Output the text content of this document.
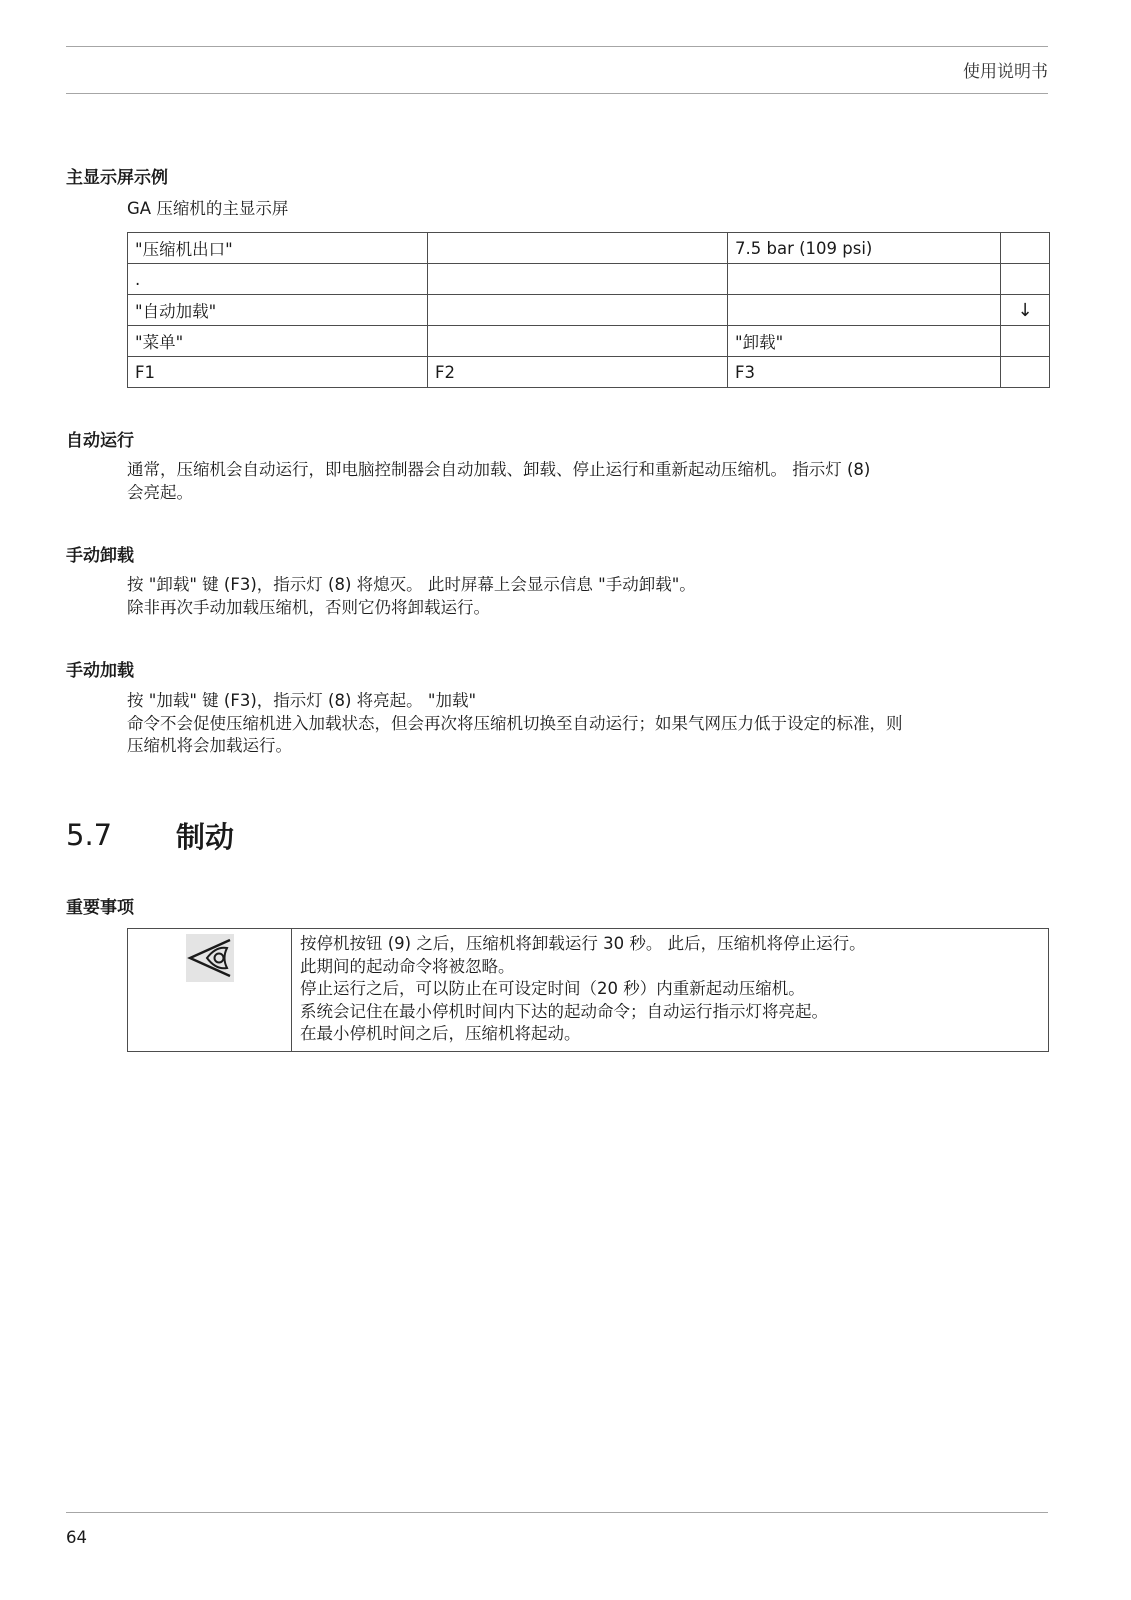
使用说明书
主显示屏示例
GA 压缩机的主显示屏
"压缩机出口"		7.5 bar (109 psi)	
.			
"自动加载"			↓
"菜单"		"卸载"	
F1	F2	F3	
自动运行
通常，压缩机会自动运行，即电脑控制器会自动加载、卸载、停止运行和重新起动压缩机。 指示灯 (8)
会亮起。
手动卸载
按 "卸载" 键 (F3)，指示灯 (8) 将熄灭。 此时屏幕上会显示信息 "手动卸载"。
除非再次手动加载压缩机，否则它仍将卸载运行。
手动加载
按 "加载" 键 (F3)，指示灯 (8) 将亮起。 "加载"
命令不会促使压缩机进入加载状态，但会再次将压缩机切换至自动运行；如果气网压力低于设定的标准，则
压缩机将会加载运行。
5.7 制动
重要事项

按停机按钮 (9) 之后，压缩机将卸载运行 30 秒。 此后，压缩机将停止运行。
此期间的起动命令将被忽略。
停止运行之后，可以防止在可设定时间（20 秒）内重新起动压缩机。
系统会记住在最小停机时间内下达的起动命令；自动运行指示灯将亮起。
在最小停机时间之后，压缩机将起动。
64
